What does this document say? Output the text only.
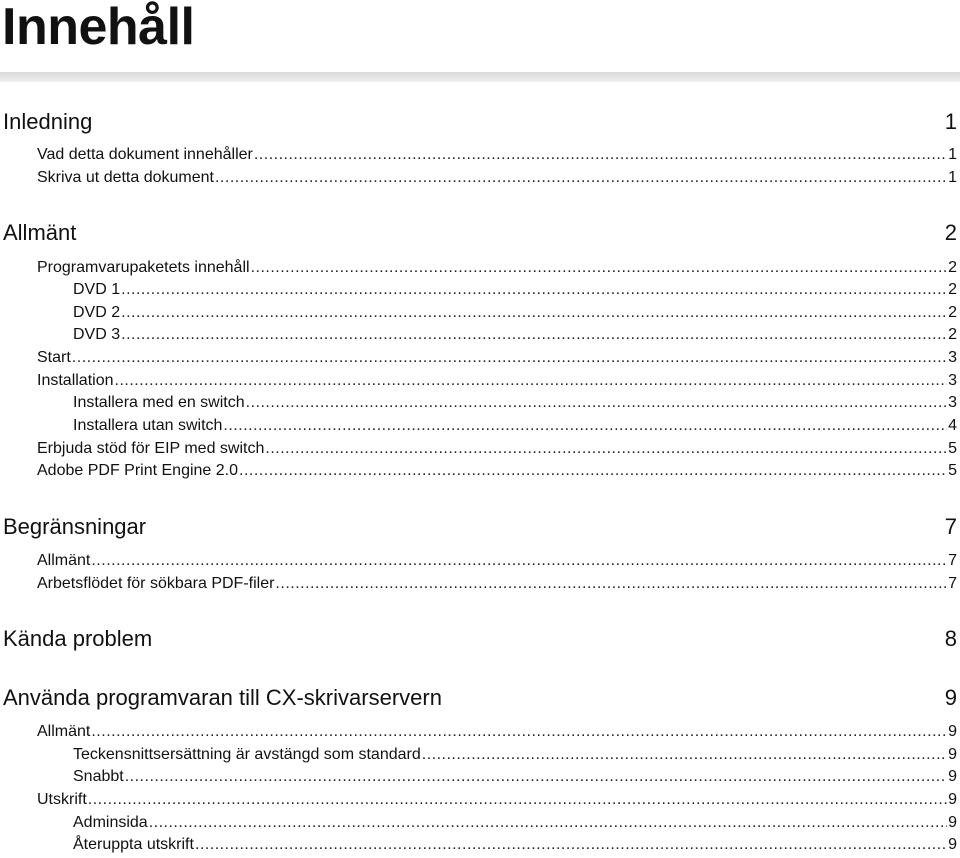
Innehåll
Inledning	1
Vad detta dokument innehåller .....	1
Skriva ut detta dokument .....	1
Allmänt	2
Programvarupaketets innehåll .....	2
DVD 1 .....	2
DVD 2 .....	2
DVD 3 .....	2
Start .....	3
Installation .....	3
Installera med en switch .....	3
Installera utan switch .....	4
Erbjuda stöd för EIP med switch .....	5
Adobe PDF Print Engine 2.0 .....	5
Begränsningar	7
Allmänt .....	7
Arbetsflödet för sökbara PDF-filer .....	7
Kända problem	8
Använda programvaran till CX-skrivarservern	9
Allmänt .....	9
Teckensnittsersättning är avstängd som standard .....	9
Snabbt .....	9
Utskrift .....	9
Adminsida .....	9
Återuppta utskrift .....	9
